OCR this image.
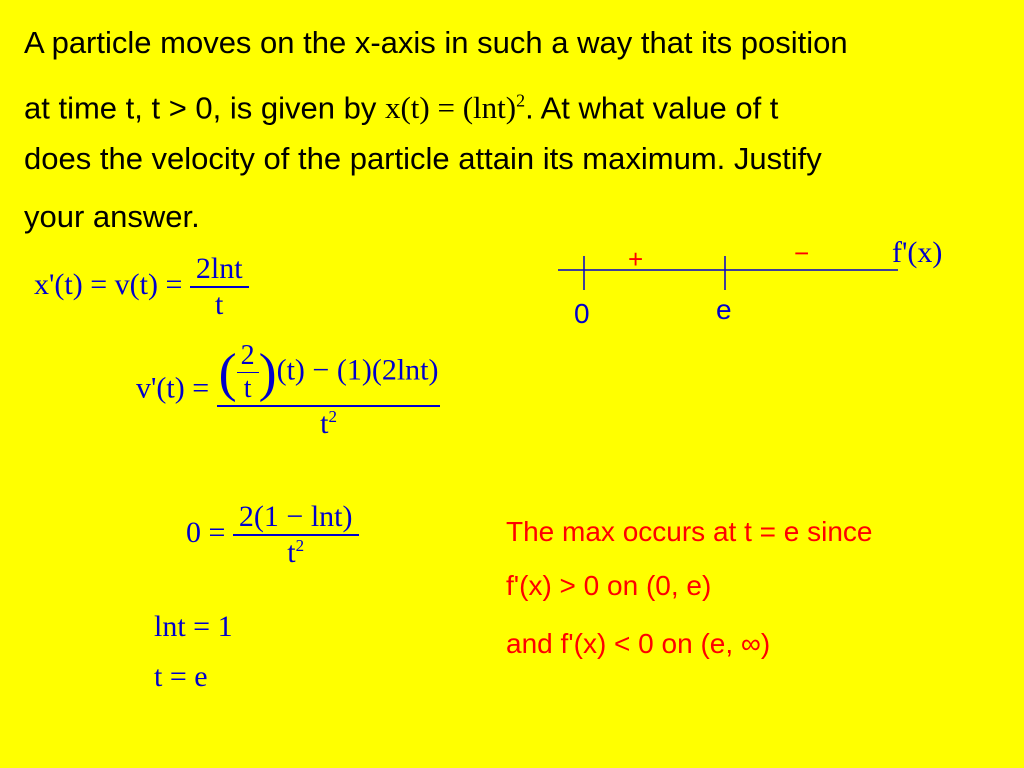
A particle moves on the x-axis in such a way that its position
at time t, t > 0, is given by $x(t) = (\ln t)^2$. At what value of t
does the velocity of the particle attain its maximum. Justify
your answer.
$x'(t) = v(t) = \frac{2\ln t}{t}$
$v'(t) = \frac{( \frac{2}{t} )(t) - (1)(2\ln t)}{t^2}$
$0 = \frac{2(1 - \ln t)}{t^2}$
lnt = 1
t = e
+	−	f'(x)
0	e
The max occurs at t = e since
f'(x) > 0 on (0, e)
and f'(x) < 0 on (e, ∞)
